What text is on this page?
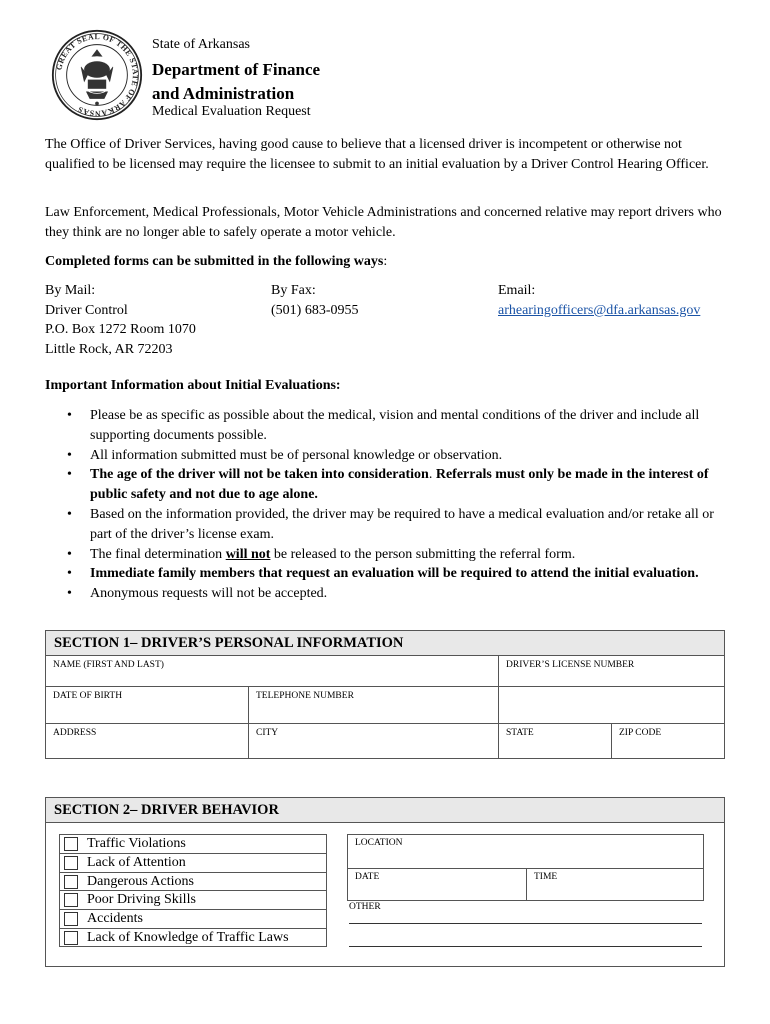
GREAT SEAL OF THE STATE OF ARKANSAS
State of Arkansas
Department of Finance
and Administration
Medical Evaluation Request
The Office of Driver Services, having good cause to believe that a licensed driver is incompetent or otherwise not qualified to be licensed may require the licensee to submit to an initial evaluation by a Driver Control Hearing Officer.
Law Enforcement, Medical Professionals, Motor Vehicle Administrations and concerned relative may report drivers who they think are no longer able to safely operate a motor vehicle.
Completed forms can be submitted in the following ways:
By Mail:
Driver Control
P.O. Box 1272 Room 1070
Little Rock, AR 72203
By Fax:
(501) 683-0955
Email:
arhearingofficers@dfa.arkansas.gov
Important Information about Initial Evaluations:
• Please be as specific as possible about the medical, vision and mental conditions of the driver and include all supporting documents possible.
• All information submitted must be of personal knowledge or observation.
• The age of the driver will not be taken into consideration. Referrals must only be made in the interest of public safety and not due to age alone.
• Based on the information provided, the driver may be required to have a medical evaluation and/or retake all or part of the driver’s license exam.
• The final determination will not be released to the person submitting the referral form.
• Immediate family members that request an evaluation will be required to attend the initial evaluation.
• Anonymous requests will not be accepted.
SECTION 1– DRIVER’S PERSONAL INFORMATION
NAME (FIRST AND LAST)	DRIVER’S LICENSE NUMBER
DATE OF BIRTH	TELEPHONE NUMBER
ADDRESS	CITY	STATE	ZIP CODE
SECTION 2– DRIVER BEHAVIOR
Traffic Violations
Lack of Attention
Dangerous Actions
Poor Driving Skills
Accidents
Lack of Knowledge of Traffic Laws
LOCATION
DATE	TIME
OTHER
